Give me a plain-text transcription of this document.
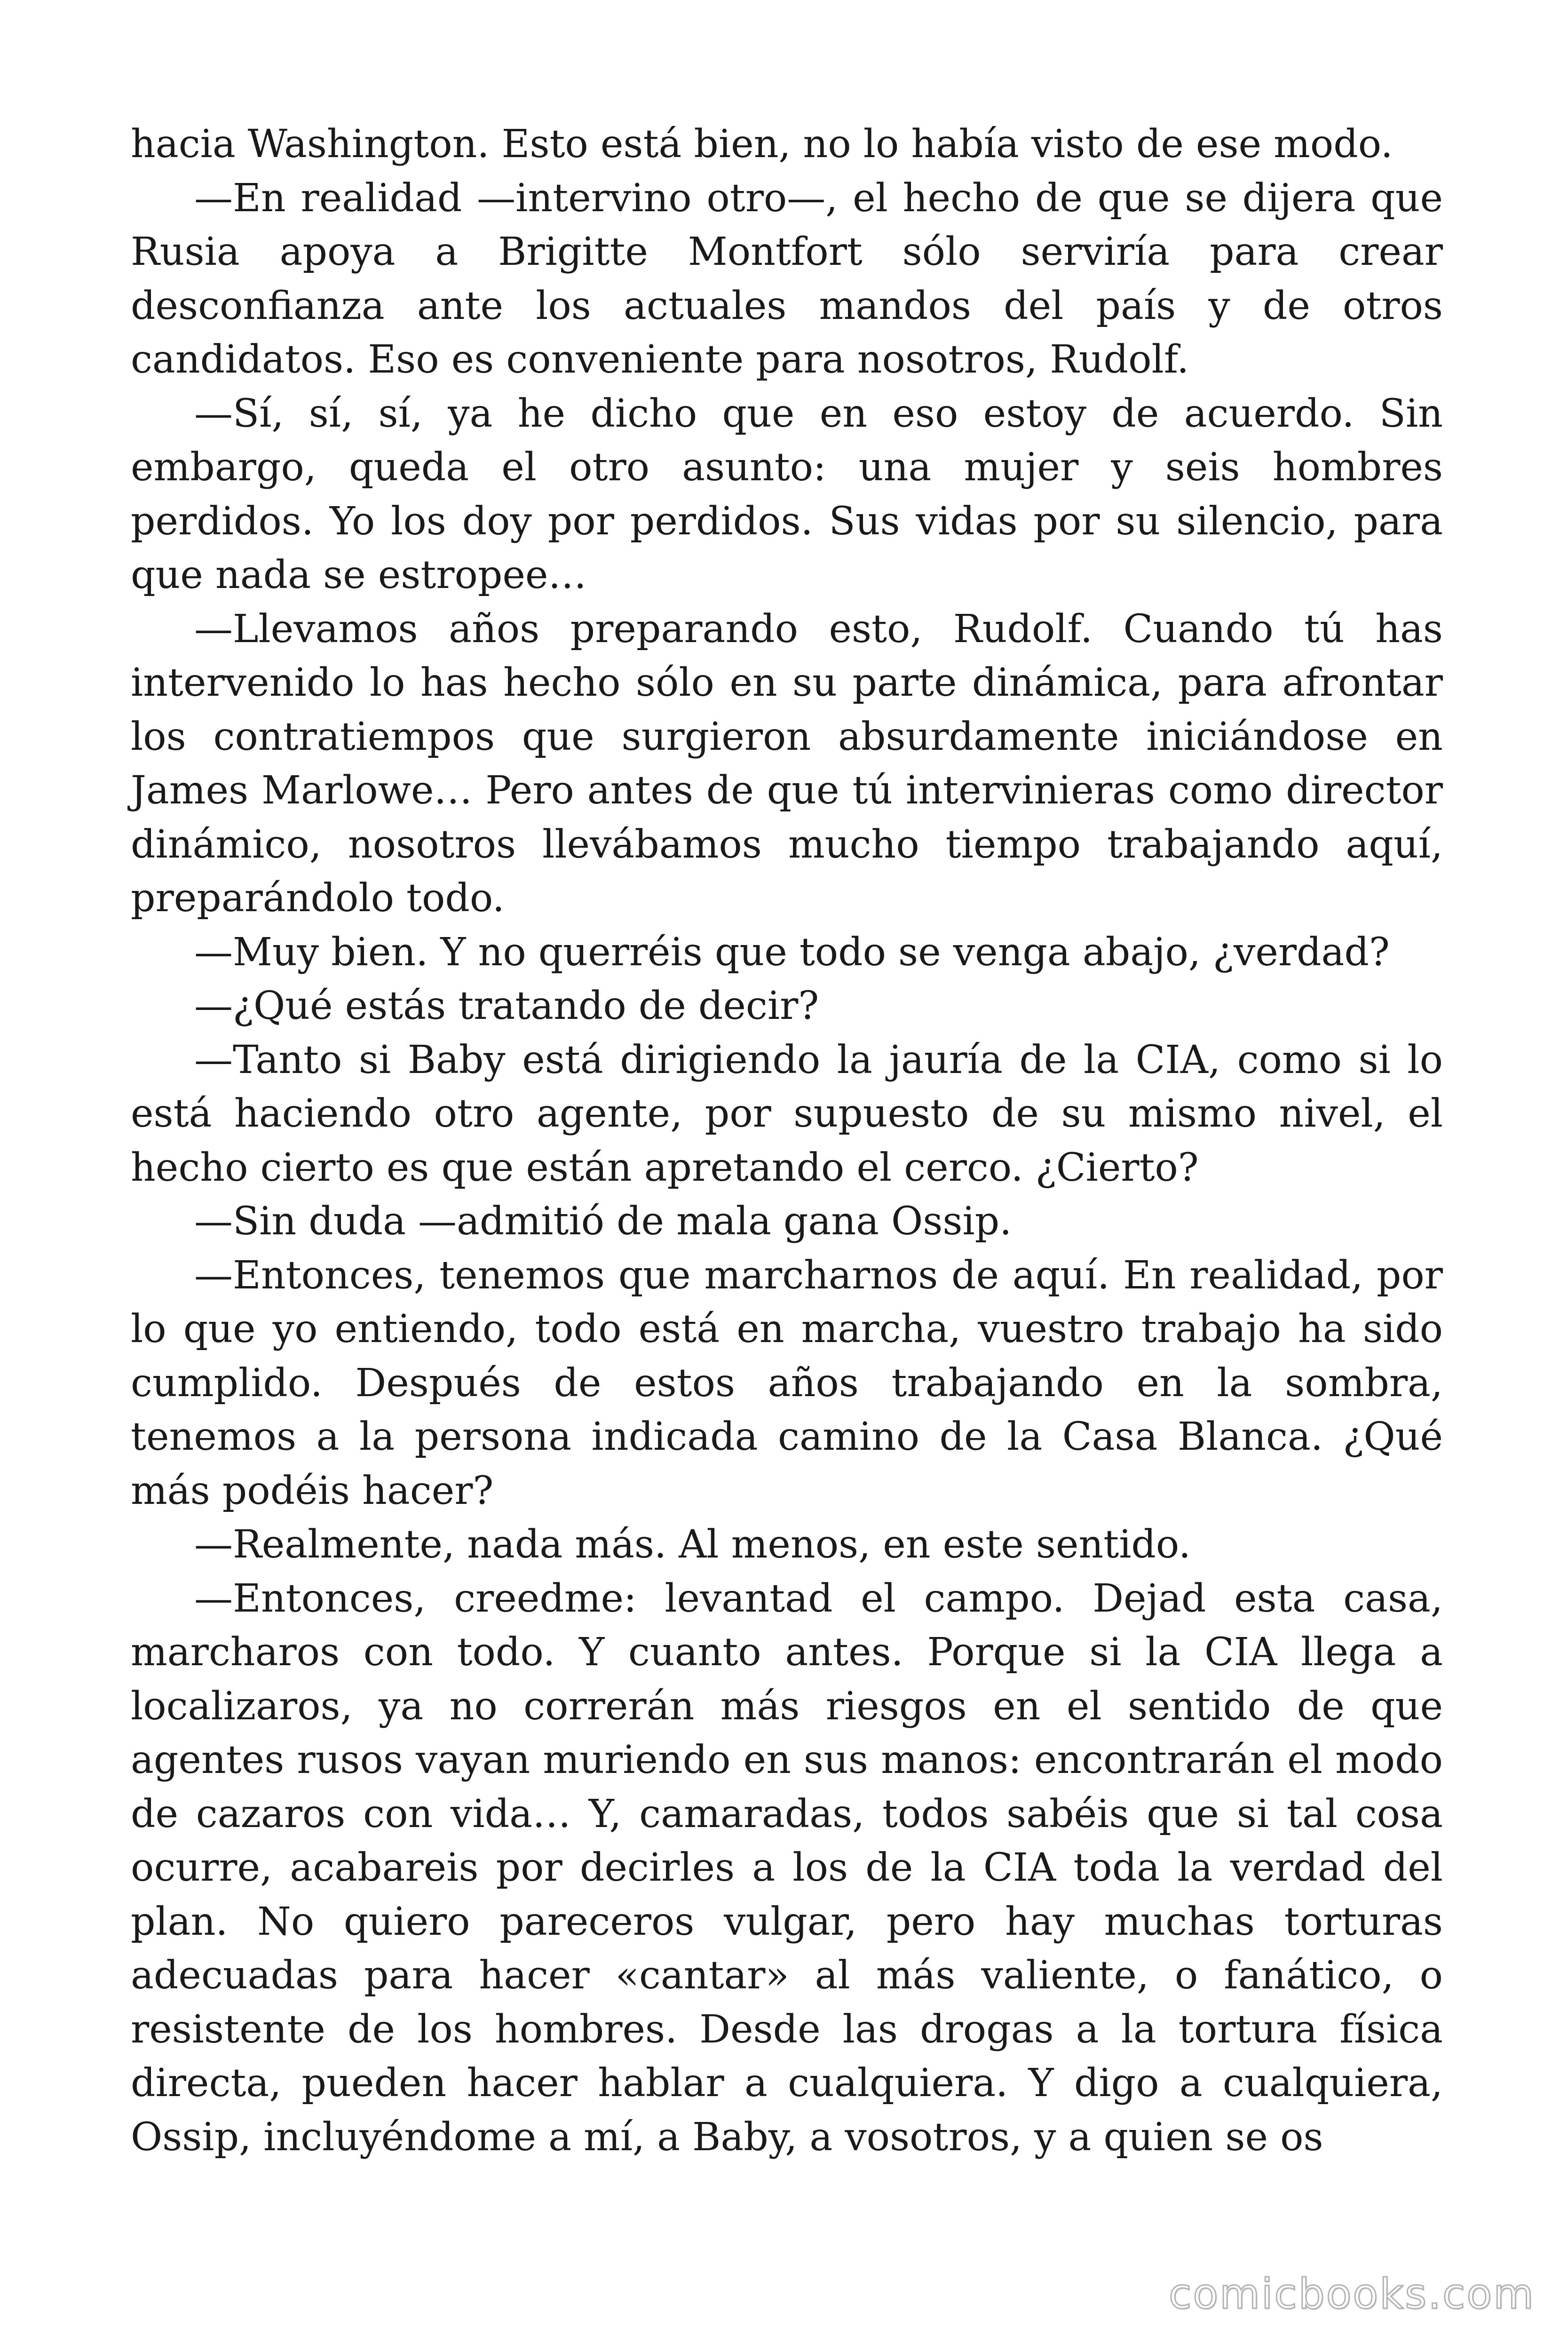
hacia Washington. Esto está bien, no lo había visto de ese modo.

—En realidad —intervino otro—, el hecho de que se dijera que Rusia apoya a Brigitte Montfort sólo serviría para crear desconfianza ante los actuales mandos del país y de otros candidatos. Eso es conveniente para nosotros, Rudolf.

—Sí, sí, sí, ya he dicho que en eso estoy de acuerdo. Sin embargo, queda el otro asunto: una mujer y seis hombres perdidos. Yo los doy por perdidos. Sus vidas por su silencio, para que nada se estropee…

—Llevamos años preparando esto, Rudolf. Cuando tú has intervenido lo has hecho sólo en su parte dinámica, para afrontar los contratiempos que surgieron absurdamente iniciándose en James Marlowe… Pero antes de que tú intervinieras como director dinámico, nosotros llevábamos mucho tiempo trabajando aquí, preparándolo todo.

—Muy bien. Y no querréis que todo se venga abajo, ¿verdad?

—¿Qué estás tratando de decir?

—Tanto si Baby está dirigiendo la jauría de la CIA, como si lo está haciendo otro agente, por supuesto de su mismo nivel, el hecho cierto es que están apretando el cerco. ¿Cierto?

—Sin duda —admitió de mala gana Ossip.

—Entonces, tenemos que marcharnos de aquí. En realidad, por lo que yo entiendo, todo está en marcha, vuestro trabajo ha sido cumplido. Después de estos años trabajando en la sombra, tenemos a la persona indicada camino de la Casa Blanca. ¿Qué más podéis hacer?

—Realmente, nada más. Al menos, en este sentido.

—Entonces, creedme: levantad el campo. Dejad esta casa, marcharos con todo. Y cuanto antes. Porque si la CIA llega a localizaros, ya no correrán más riesgos en el sentido de que agentes rusos vayan muriendo en sus manos: encontrarán el modo de cazaros con vida… Y, camaradas, todos sabéis que si tal cosa ocurre, acabareis por decirles a los de la CIA toda la verdad del plan. No quiero pareceros vulgar, pero hay muchas torturas adecuadas para hacer «cantar» al más valiente, o fanático, o resistente de los hombres. Desde las drogas a la tortura física directa, pueden hacer hablar a cualquiera. Y digo a cualquiera, Ossip, incluyéndome a mí, a Baby, a vosotros, y a quien se os

comicbooks.com
